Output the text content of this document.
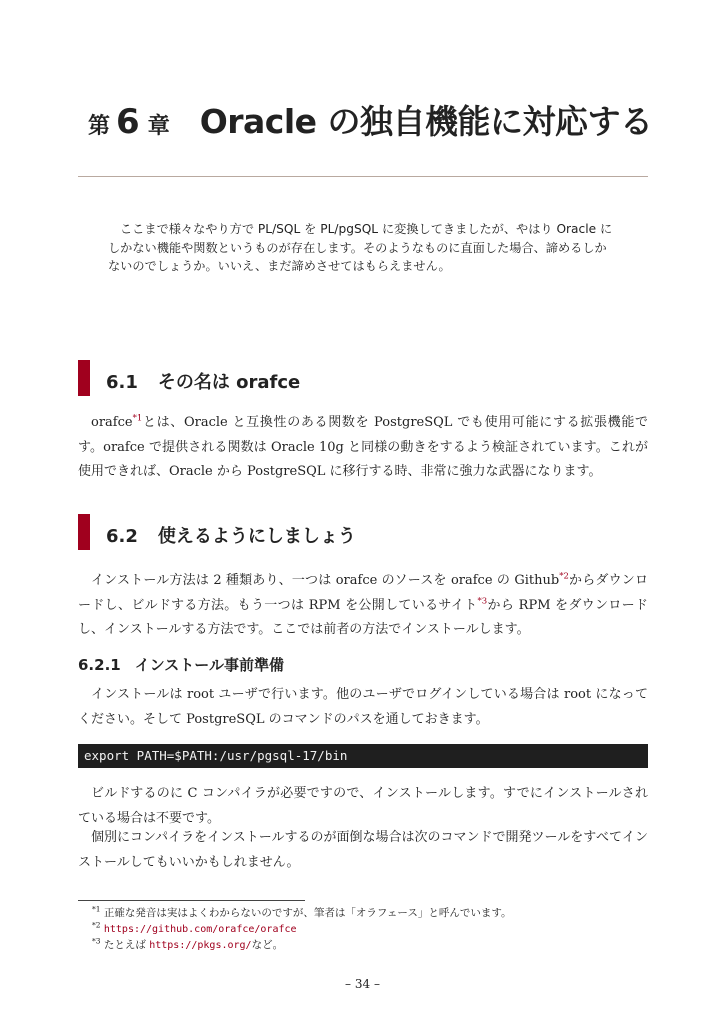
第 6 章 Oracle の独自機能に対応する
ここまで様々なやり方で PL/SQL を PL/pgSQL に変換してきましたが、やはり Oracle にしかない機能や関数というものが存在します。そのようなものに直面した場合、諦めるしかないのでしょうか。いいえ、まだ諦めさせてはもらえません。
6.1 その名は orafce
orafce$^{*1}$とは、Oracle と互換性のある関数を PostgreSQL でも使用可能にする拡張機能です。orafce で提供される関数は Oracle 10g と同様の動きをするよう検証されています。これが使用できれば、Oracle から PostgreSQL に移行する時、非常に強力な武器になります。
6.2 使えるようにしましょう
インストール方法は 2 種類あり、一つは orafce のソースを orafce の Github$^{*2}$からダウンロードし、ビルドする方法。もう一つは RPM を公開しているサイト$^{*3}$から RPM をダウンロードし、インストールする方法です。ここでは前者の方法でインストールします。
6.2.1 インストール事前準備
インストールは root ユーザで行います。他のユーザでログインしている場合は root になってください。そして PostgreSQL のコマンドのパスを通しておきます。
export PATH=$PATH:/usr/pgsql-17/bin
ビルドするのに C コンパイラが必要ですので、インストールします。すでにインストールされている場合は不要です。
個別にコンパイラをインストールするのが面倒な場合は次のコマンドで開発ツールをすべてインストールしてもいいかもしれません。
$^{*1}$ 正確な発音は実はよくわからないのですが、筆者は「オラフェース」と呼んでいます。
$^{*2}$ https://github.com/orafce/orafce
$^{*3}$ たとえば https://pkgs.org/など。
– 34 –
